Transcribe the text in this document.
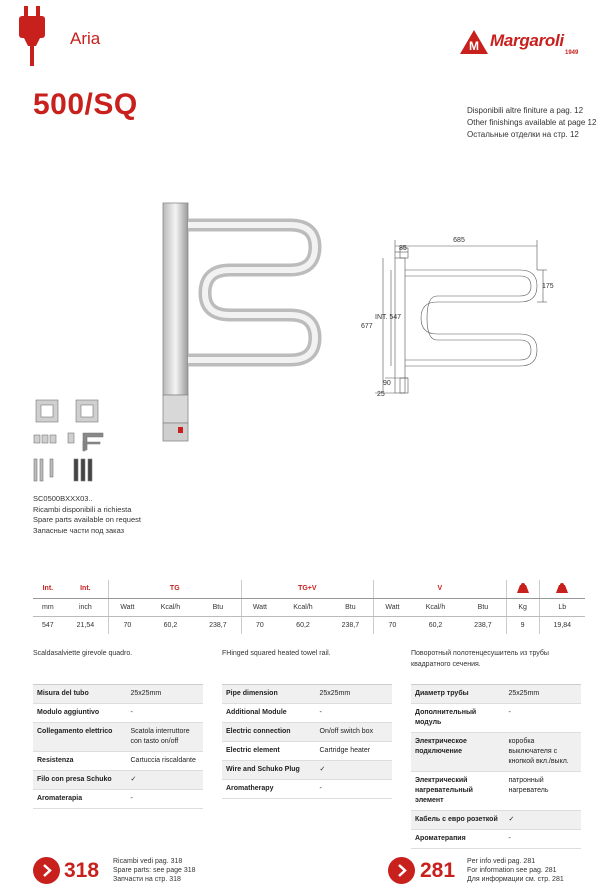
Aria	M Margaroli
1949
500/SQ	Disponibili altre finiture a pag. 12
Other finishings available at page 12
Остальные отделки на стр. 12
685
85
175
INT. 547
677
90
25
SC0500BXXX03..
Ricambi disponibili a richiesta
Spare parts available on request
Запасные части под заказ
Int.	Int.	TG			TG+V			V		
mm	inch	Watt	Kcal/h	Btu	Watt	Kcal/h	Btu	Watt	Kcal/h	Btu	Kg	Lb
547	21,54	70	60,2	238,7	70	60,2	238,7	70	60,2	238,7	9	19,84
Scaldasalviette girevole quadro.	FHinged squared heated towel rail.	Поворотный полотенцесушитель из трубы квадратного сечения.
Misura del tubo	25x25mm
Modulo aggiuntivo	-
Collegamento elettrico	Scatola interruttore con tasto on/off
Resistenza	Cartuccia riscaldante
Filo con presa Schuko	✓
Aromaterapia	-
Pipe dimension	25x25mm
Additional Module	-
Electric connection	On/off switch box
Electric element	Cartridge heater
Wire and Schuko Plug	✓
Aromatherapy	-
Диаметр трубы	25x25mm
Дополнительный модуль	-
Электрическое подключение	коробка выключателя с кнопкой вкл./выкл.
Электрический нагревательный элемент	патронный нагреватель
Кабель с евро розеткой	✓
Аромaтерапия	-
318 Ricambi vedi pag. 318
Spare parts: see page 318
Запчасти на стр. 318	281 Per info vedi pag. 281
For information see pag. 281
Для информации см. стр. 281
